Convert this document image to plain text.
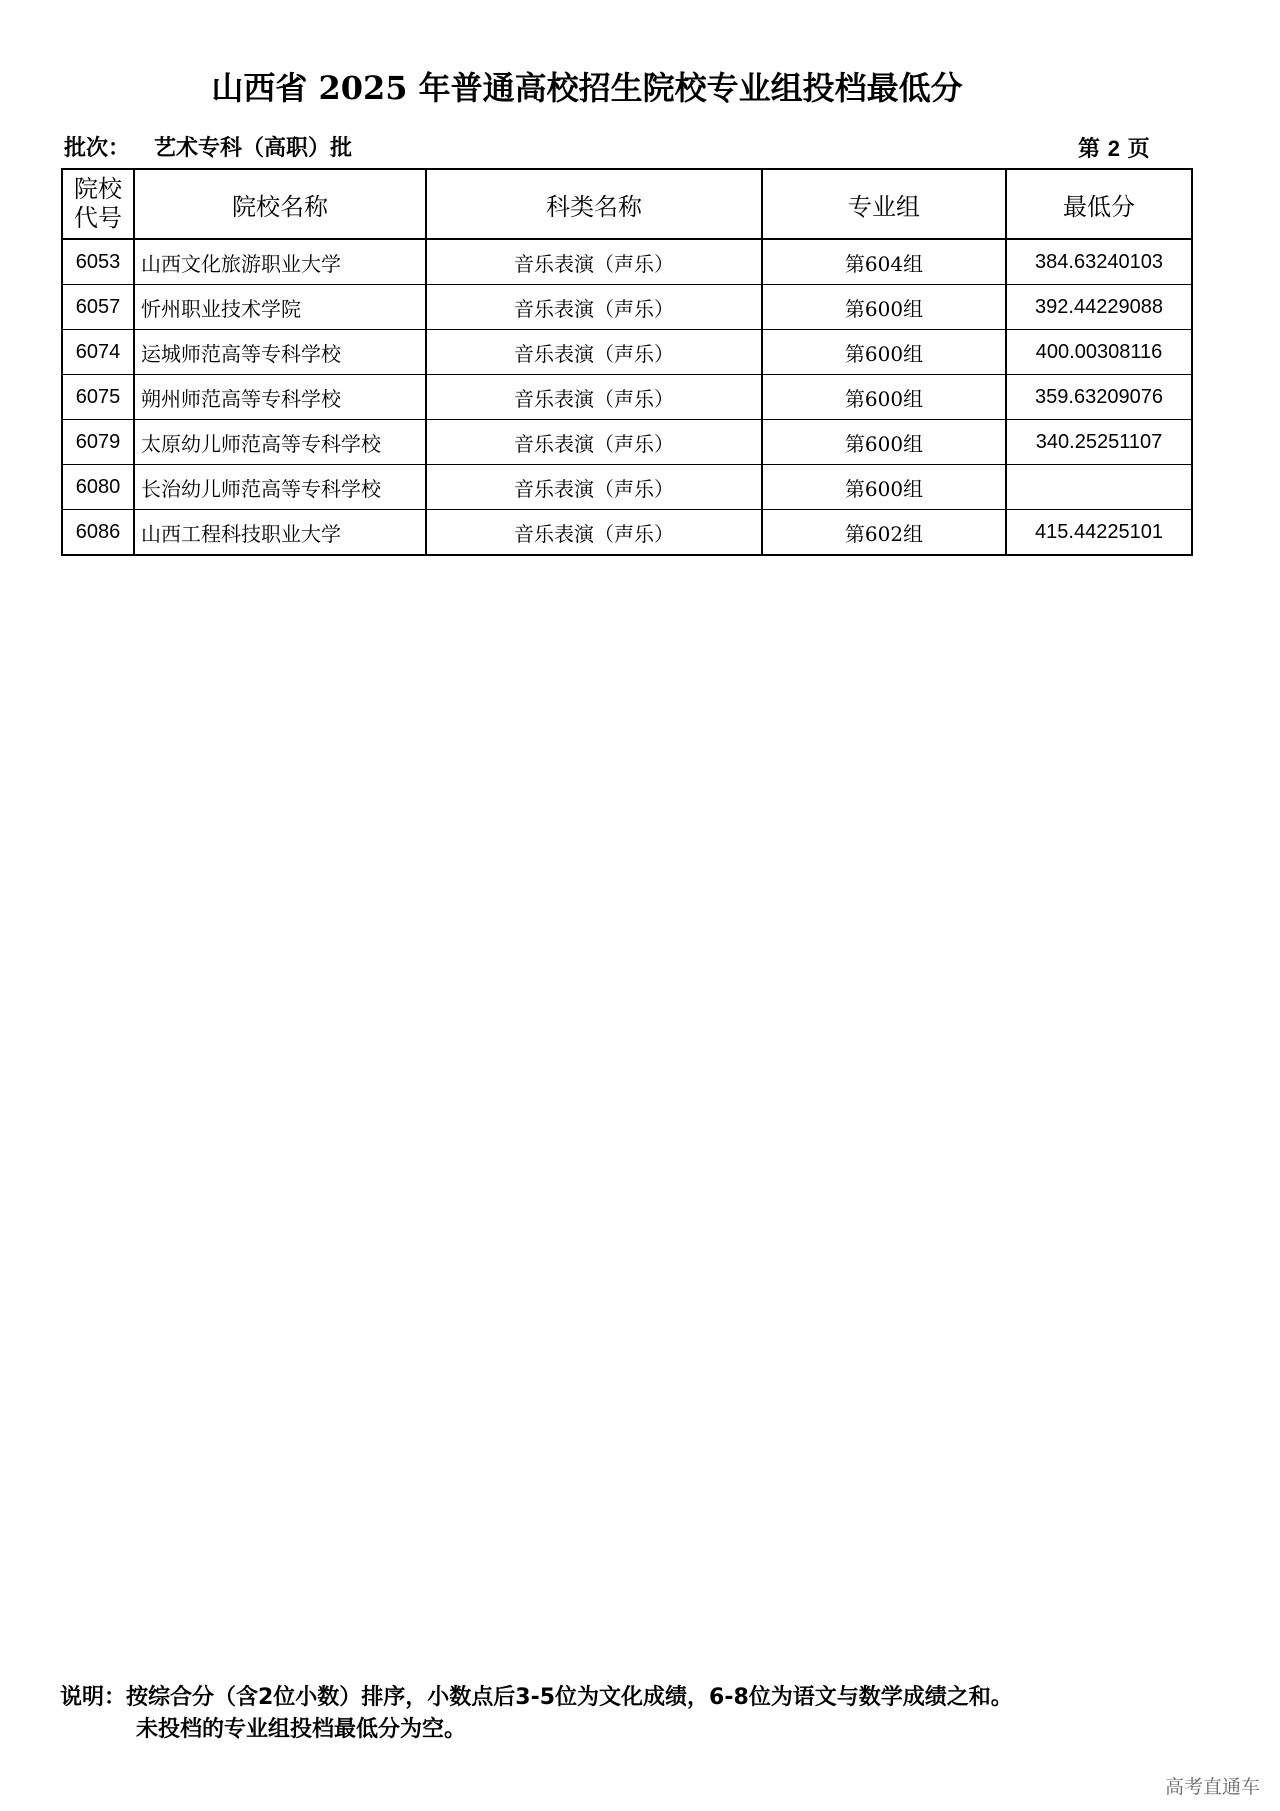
山西省 2025 年普通高校招生院校专业组投档最低分
批次： 艺术专科（高职）批	第 2 页
院校
代号	院校名称	科类名称	专业组	最低分
6053	山西文化旅游职业大学	音乐表演（声乐）	第604组	384.63240103
6057	忻州职业技术学院	音乐表演（声乐）	第600组	392.44229088
6074	运城师范高等专科学校	音乐表演（声乐）	第600组	400.00308116
6075	朔州师范高等专科学校	音乐表演（声乐）	第600组	359.63209076
6079	太原幼儿师范高等专科学校	音乐表演（声乐）	第600组	340.25251107
6080	长治幼儿师范高等专科学校	音乐表演（声乐）	第600组	
6086	山西工程科技职业大学	音乐表演（声乐）	第602组	415.44225101
说明：按综合分（含2位小数）排序，小数点后3-5位为文化成绩，6-8位为语文与数学成绩之和。
未投档的专业组投档最低分为空。
高考直通车
